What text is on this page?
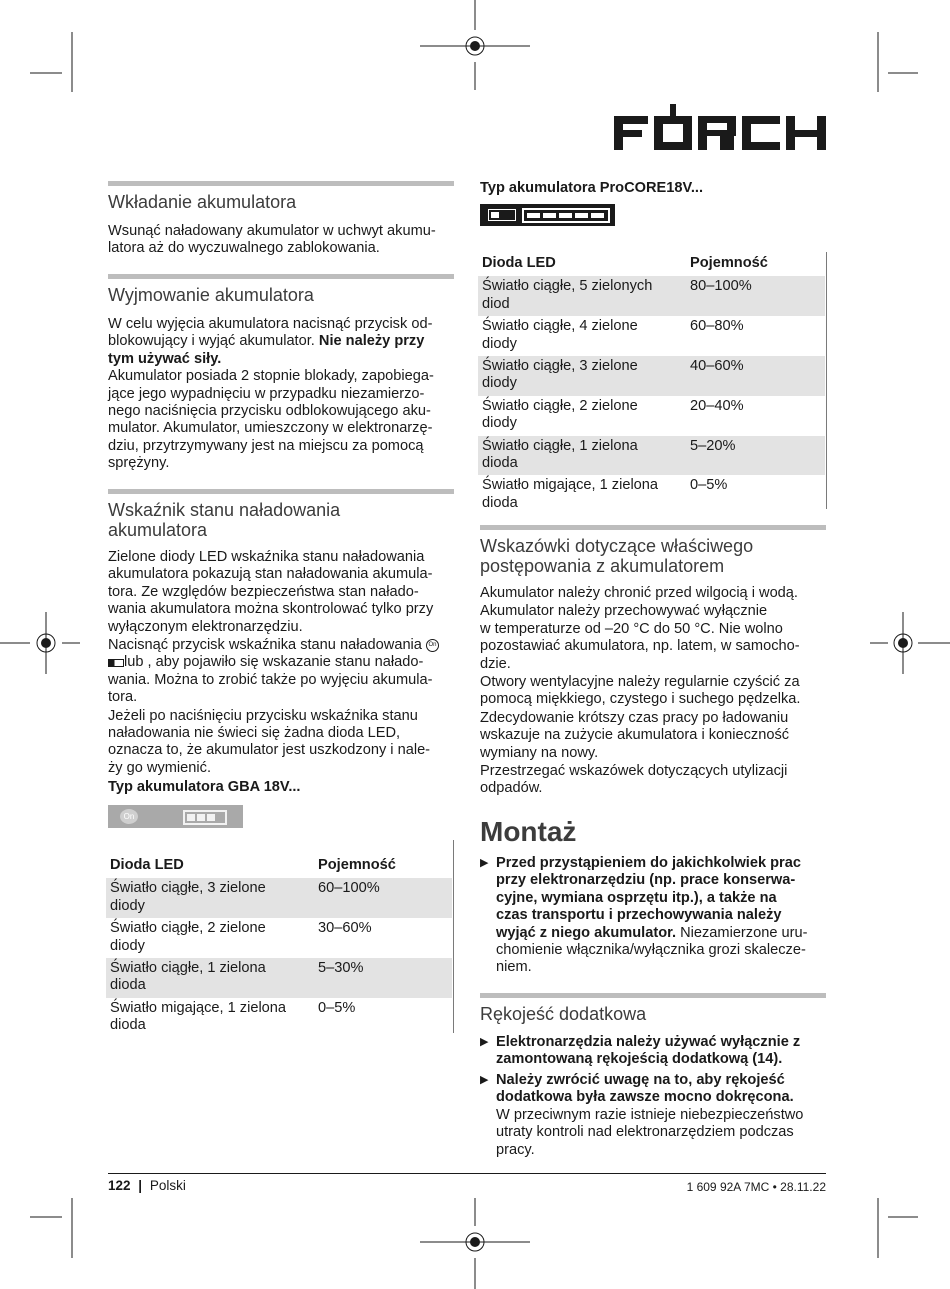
Wkładanie akumulatora
Wsunąć naładowany akumulator w uchwyt akumu-
latora aż do wyczuwalnego zablokowania.
Wyjmowanie akumulatora
W celu wyjęcia akumulatora nacisnąć przycisk od-
blokowujący i wyjąć akumulator. Nie należy przy
tym używać siły.
Akumulator posiada 2 stopnie blokady, zapobiega-
jące jego wypadnięciu w przypadku niezamierzo-
nego naciśnięcia przycisku odblokowującego aku-
mulator. Akumulator, umieszczony w elektronarzę-
dziu, przytrzymywany jest na miejscu za pomocą
sprężyny.
Wskaźnik stanu naładowania
akumulatora
Zielone diody LED wskaźnika stanu naładowania
akumulatora pokazują stan naładowania akumula-
tora. Ze względów bezpieczeństwa stan nałado-
wania akumulatora można skontrolować tylko przy
wyłączonym elektronarzędziu.
Nacisnąć przycisk wskaźnika stanu naładowania On
lub , aby pojawiło się wskazanie stanu nałado-
wania. Można to zrobić także po wyjęciu akumula-
tora.
Jeżeli po naciśnięciu przycisku wskaźnika stanu
naładowania nie świeci się żadna dioda LED,
oznacza to, że akumulator jest uszkodzony i nale-
ży go wymienić.
Typ akumulatora GBA 18V...
On
Dioda LED	Pojemność

Światło ciągłe, 3 zielone
diody	60–100%

Światło ciągłe, 2 zielone
diody	30–60%

Światło ciągłe, 1 zielona
dioda	5–30%

Światło migające, 1 zielona
dioda	0–5%
Typ akumulatora ProCORE18V...
Dioda LED	Pojemność

Światło ciągłe, 5 zielonych
diod	80–100%

Światło ciągłe, 4 zielone
diody	60–80%

Światło ciągłe, 3 zielone
diody	40–60%

Światło ciągłe, 2 zielone
diody	20–40%

Światło ciągłe, 1 zielona
dioda	5–20%

Światło migające, 1 zielona
dioda	0–5%
Wskazówki dotyczące właściwego
postępowania z akumulatorem
Akumulator należy chronić przed wilgocią i wodą.
Akumulator należy przechowywać wyłącznie
w temperaturze od –20 °C do 50 °C. Nie wolno
pozostawiać akumulatora, np. latem, w samocho-
dzie.
Otwory wentylacyjne należy regularnie czyścić za
pomocą miękkiego, czystego i suchego pędzelka.
Zdecydowanie krótszy czas pracy po ładowaniu
wskazuje na zużycie akumulatora i konieczność
wymiany na nowy.
Przestrzegać wskazówek dotyczących utylizacji
odpadów.
Montaż
▶ Przed przystąpieniem do jakichkolwiek prac
przy elektronarzędziu (np. prace konserwa-
cyjne, wymiana osprzętu itp.), a także na
czas transportu i przechowywania należy
wyjąć z niego akumulator. Niezamierzone uru-
chomienie włącznika/wyłącznika grozi skalecze-
niem.
Rękojeść dodatkowa
▶ Elektronarzędzia należy używać wyłącznie z
zamontowaną rękojeścią dodatkową (14).
▶ Należy zwrócić uwagę na to, aby rękojeść
dodatkowa była zawsze mocno dokręcona.
W przeciwnym razie istnieje niebezpieczeństwo
utraty kontroli nad elektronarzędziem podczas
pracy.
122 | Polski	1 609 92A 7MC • 28.11.22
